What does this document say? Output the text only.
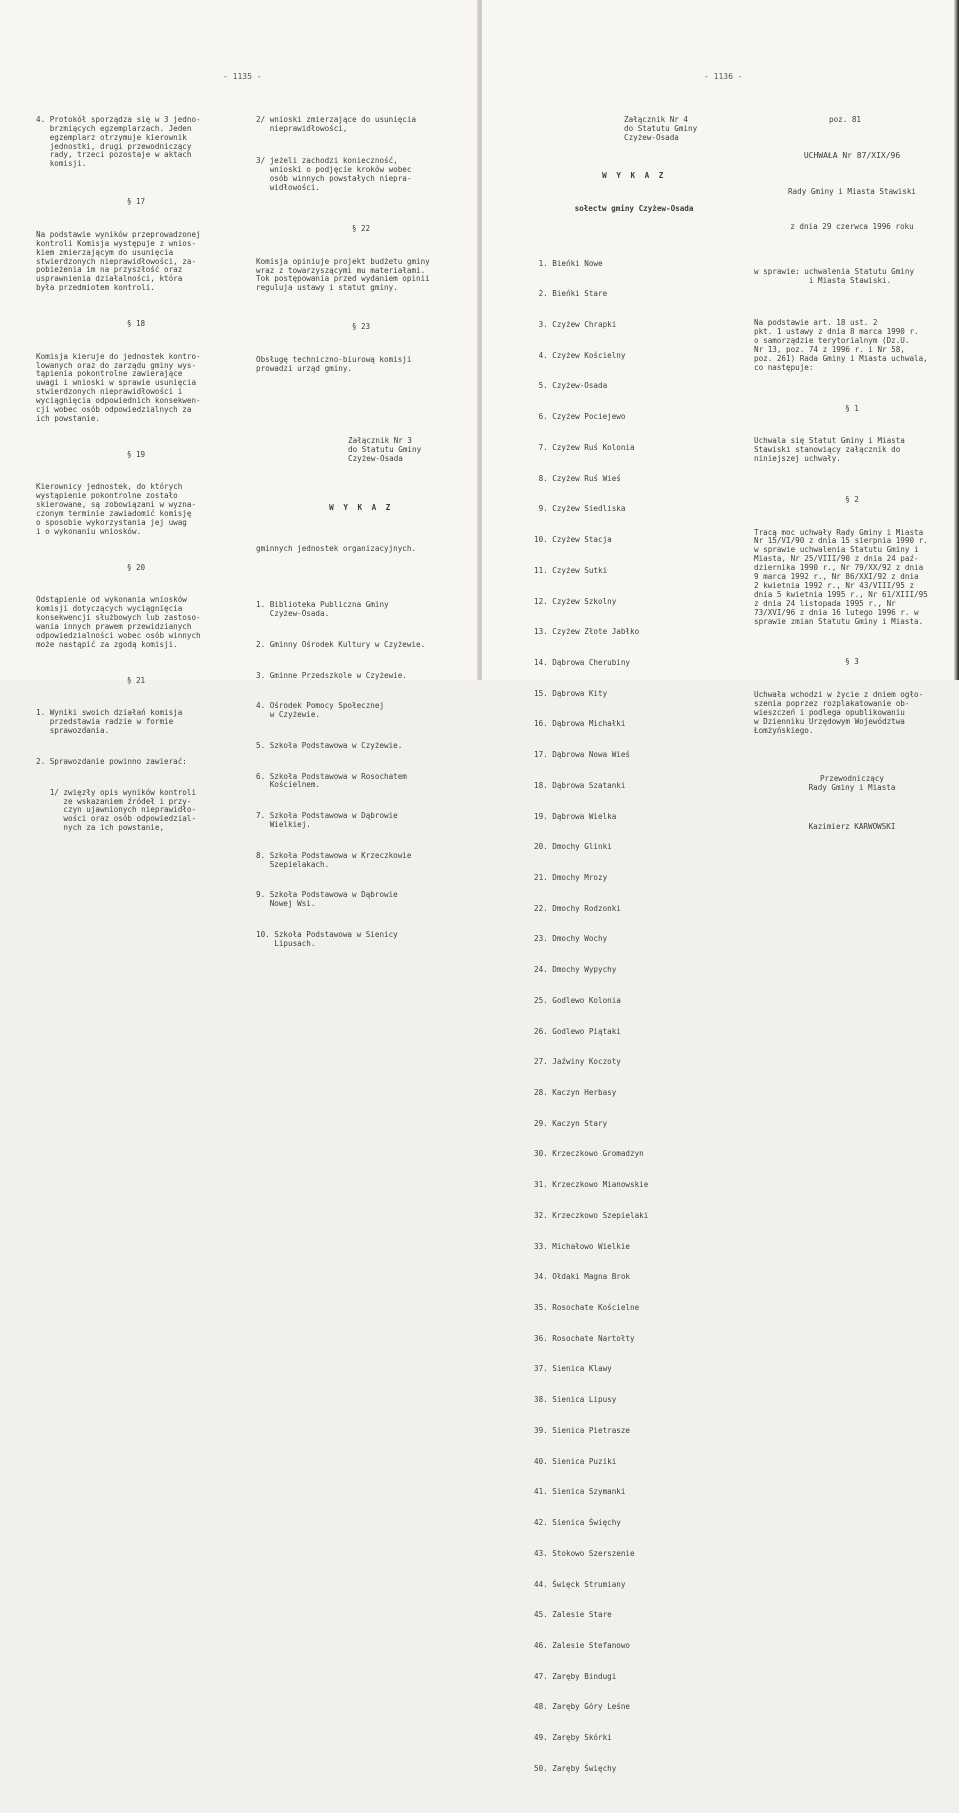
- 1135 -

4. Protokół sporządza się w 3 jedno-
brzmiących egzemplarzach. Jeden
egzemplarz otrzymuje kierownik
jednostki, drugi przewodniczący
rady, trzeci pozostaje w aktach
komisji.

§ 17

Na podstawie wyników przeprowadzonej
kontroli Komisja występuje z wnios-
kiem zmierzającym do usunięcia
stwierdzonych nieprawidłowości, za-
pobieżenia im na przyszłość oraz
usprawnienia działalności, która
była przedmiotem kontroli.

§ 18

Komisja kieruje do jednostek kontro-
lowanych oraz do zarządu gminy wys-
tąpienia pokontrolne zawierające
uwagi i wnioski w sprawie usunięcia
stwierdzonych nieprawidłowości i
wyciągnięcia odpowiednich konsekwen-
cji wobec osób odpowiedzialnych za
ich powstanie.

§ 19

Kierownicy jednostek, do których
wystąpienie pokontrolne zostało
skierowane, są zobowiązani w wyzna-
czonym terminie zawiadomić komisję
o sposobie wykorzystania jej uwag
i o wykonaniu wniosków.

§ 20

Odstąpienie od wykonania wniosków
komisji dotyczących wyciągnięcia
konsekwencji służbowych lub zastoso-
wania innych prawem przewidzianych
odpowiedzialności wobec osób winnych
może nastąpić za zgodą komisji.

§ 21

1. Wyniki swoich działań komisja
przedstawia radzie w formie
sprawozdania.

2. Sprawozdanie powinno zawierać:

1/ zwięzły opis wyników kontroli
ze wskazaniem źródeł i przy-
czyn ujawnionych nieprawidło-
wości oraz osób odpowiedzial-
nych za ich powstanie,

2/ wnioski zmierzające do usunięcia
nieprawidłowości,

3/ jeżeli zachodzi konieczność,
wnioski o podjęcie kroków wobec
osób winnych powstałych niepra-
widłowości.

§ 22

Komisja opiniuje projekt budżetu gminy
wraz z towarzyszącymi mu materiałami.
Tok postępowania przed wydaniem opinii
reguluja ustawy i statut gminy.

§ 23

Obsługę techniczno-biurową komisji
prowadzi urząd gminy.

Załącznik Nr 3
do Statutu Gminy
Czyżew-Osada

W Y K A Z

gminnych jednostek organizacyjnych.

1. Biblioteka Publiczna Gminy
Czyżew-Osada.

2. Gminny Ośrodek Kultury w Czyżewie.

3. Gminne Przedszkole w Czyżewie.

4. Ośrodek Pomocy Społecznej
w Czyżewie.

5. Szkoła Podstawowa w Czyżewie.

6. Szkoła Podstawowa w Rosochatem
Kościelnem.

7. Szkoła Podstawowa w Dąbrowie
Wielkiej.

8. Szkoła Podstawowa w Krzeczkowie
Szepielakach.

9. Szkoła Podstawowa w Dąbrowie
Nowej Wsi.

10. Szkoła Podstawowa w Sienicy
Lipusach.

- 1136 -

Załącznik Nr 4
do Statutu Gminy
Czyżew-Osada

W Y K A Z

sołectw gminy Czyżew-Osada

1. Bieńki Nowe

2. Bieńki Stare

3. Czyżew Chrapki

4. Czyżew Kościelny

5. Czyżew-Osada

6. Czyżew Pociejewo

7. Czyżew Ruś Kolonia

8. Czyżew Ruś Wieś

9. Czyżew Siedliska

10. Czyżew Stacja

11. Czyżew Sutki

12. Czyżew Szkolny

13. Czyżew Złote Jabłko

14. Dąbrowa Cherubiny

15. Dąbrowa Kity

16. Dąbrowa Michałki

17. Dąbrowa Nowa Wieś

18. Dąbrowa Szatanki

19. Dąbrowa Wielka

20. Dmochy Glinki

21. Dmochy Mrozy

22. Dmochy Rodzonki

23. Dmochy Wochy

24. Dmochy Wypychy

25. Godlewo Kolonia

26. Godlewo Piątaki

27. Jaźwiny Koczoty

28. Kaczyn Herbasy

29. Kaczyn Stary

30. Krzeczkowo Gromadzyn

31. Krzeczkowo Mianowskie

32. Krzeczkowo Szepielaki

33. Michałowo Wielkie

34. Ołdaki Magna Brok

35. Rosochate Kościelne

36. Rosochate Nartołty

37. Sienica Klawy

38. Sienica Lipusy

39. Sienica Pietrasze

40. Sienica Puziki

41. Sienica Szymanki

42. Sienica Święchy

43. Stokowo Szerszenie

44. Święck Strumiany

45. Zalesie Stare

46. Zalesie Stefanowo

47. Zaręby Bindugi

48. Zaręby Góry Leśne

49. Zaręby Skórki

50. Zaręby Święchy

poz. 81

UCHWAŁA Nr 87/XIX/96

Rady Gminy i Miasta Stawiski

z dnia 29 czerwca 1996 roku

w sprawie: uchwalenia Statutu Gminy
i Miasta Stawiski.

Na podstawie art. 18 ust. 2
pkt. 1 ustawy z dnia 8 marca 1990 r.
o samorządzie terytorialnym (Dz.U.
Nr 13, poz. 74 z 1996 r. i Nr 58,
poz. 261) Rada Gminy i Miasta uchwala,
co następuje:

§ 1

Uchwala się Statut Gminy i Miasta
Stawiski stanowiący załącznik do
niniejszej uchwały.

§ 2

Tracą moc uchwały Rady Gminy i Miasta
Nr 15/VI/90 z dnia 15 sierpnia 1990 r.
w sprawie uchwalenia Statutu Gminy i
Miasta, Nr 25/VIII/90 z dnia 24 paź-
dziernika 1990 r., Nr 79/XX/92 z dnia
9 marca 1992 r., Nr 86/XXI/92 z dnia
2 kwietnia 1992 r., Nr 43/VIII/95 z
dnia 5 kwietnia 1995 r., Nr 61/XIII/95
z dnia 24 listopada 1995 r., Nr
73/XVI/96 z dnia 16 lutego 1996 r. w
sprawie zmian Statutu Gminy i Miasta.

§ 3

Uchwała wchodzi w życie z dniem ogło-
szenia poprzez rozplakatowanie ob-
wieszczeń i podlega opublikowaniu
w Dzienniku Urzędowym Województwa
Łomżyńskiego.

Przewodniczący
Rady Gminy i Miasta

Kazimierz KARWOWSKI
